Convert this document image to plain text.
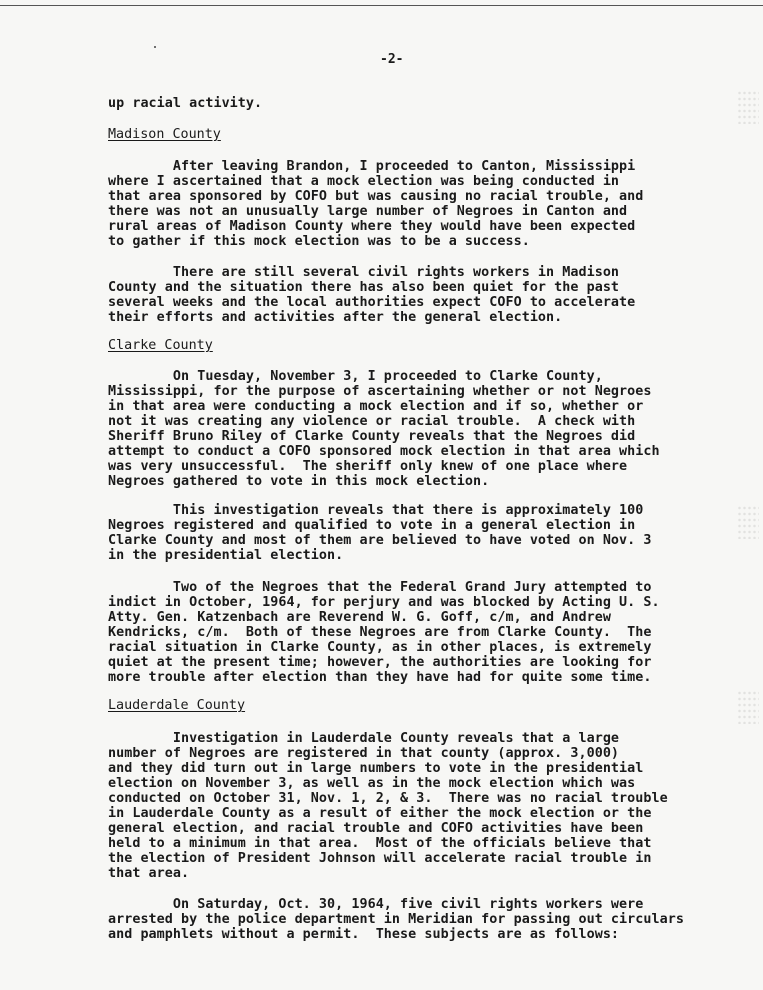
-2-
up racial activity.
Madison County
After leaving Brandon, I proceeded to Canton, Mississippi
where I ascertained that a mock election was being conducted in
that area sponsored by COFO but was causing no racial trouble, and
there was not an unusually large number of Negroes in Canton and
rural areas of Madison County where they would have been expected
to gather if this mock election was to be a success.
There are still several civil rights workers in Madison
County and the situation there has also been quiet for the past
several weeks and the local authorities expect COFO to accelerate
their efforts and activities after the general election.
Clarke County
On Tuesday, November 3, I proceeded to Clarke County,
Mississippi, for the purpose of ascertaining whether or not Negroes
in that area were conducting a mock election and if so, whether or
not it was creating any violence or racial trouble.  A check with
Sheriff Bruno Riley of Clarke County reveals that the Negroes did
attempt to conduct a COFO sponsored mock election in that area which
was very unsuccessful.  The sheriff only knew of one place where
Negroes gathered to vote in this mock election.
This investigation reveals that there is approximately 100
Negroes registered and qualified to vote in a general election in
Clarke County and most of them are believed to have voted on Nov. 3
in the presidential election.
Two of the Negroes that the Federal Grand Jury attempted to
indict in October, 1964, for perjury and was blocked by Acting U. S.
Atty. Gen. Katzenbach are Reverend W. G. Goff, c/m, and Andrew
Kendricks, c/m.  Both of these Negroes are from Clarke County.  The
racial situation in Clarke County, as in other places, is extremely
quiet at the present time; however, the authorities are looking for
more trouble after election than they have had for quite some time.
Lauderdale County
Investigation in Lauderdale County reveals that a large
number of Negroes are registered in that county (approx. 3,000)
and they did turn out in large numbers to vote in the presidential
election on November 3, as well as in the mock election which was
conducted on October 31, Nov. 1, 2, & 3.  There was no racial trouble
in Lauderdale County as a result of either the mock election or the
general election, and racial trouble and COFO activities have been
held to a minimum in that area.  Most of the officials believe that
the election of President Johnson will accelerate racial trouble in
that area.
On Saturday, Oct. 30, 1964, five civil rights workers were
arrested by the police department in Meridian for passing out circulars
and pamphlets without a permit.  These subjects are as follows:
